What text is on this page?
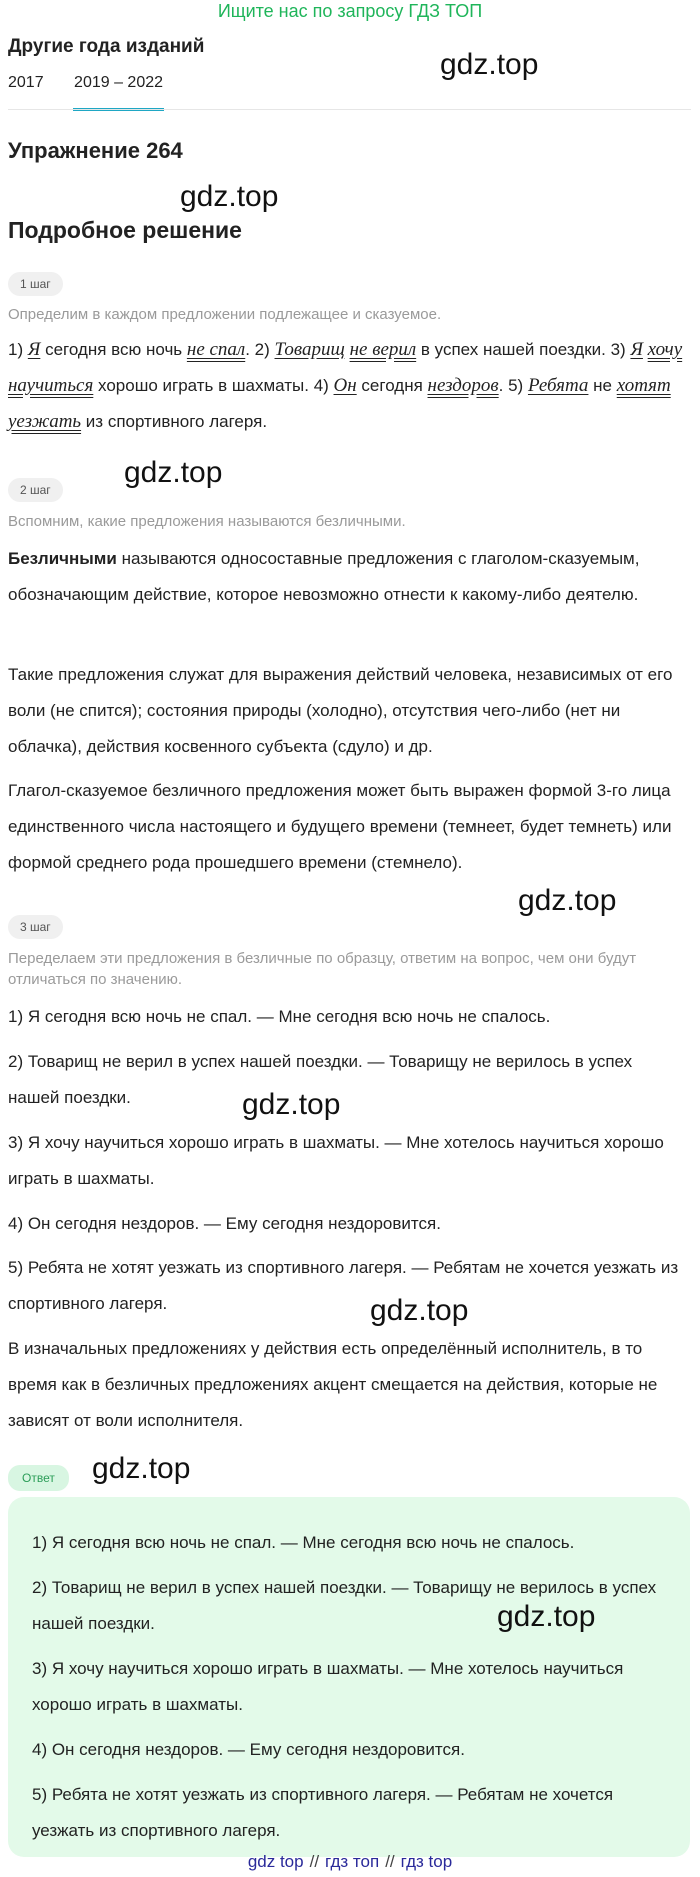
Ищите нас по запросу ГДЗ ТОП
Другие года изданий
2017 2019 – 2022
gdz.top
Упражнение 264
gdz.top
Подробное решение
1 шаг
Определим в каждом предложении подлежащее и сказуемое.
1) Я сегодня всю ночь не спал. 2) Товарищ не верил в успех нашей поездки. 3) Я хочу научиться хорошо играть в шахматы. 4) Он сегодня нездоров. 5) Ребята не хотят уезжать из спортивного лагеря.
gdz.top
2 шаг
Вспомним, какие предложения называются безличными.
Безличными называются односоставные предложения с глаголом-сказуемым, обозначающим действие, которое невозможно отнести к какому-либо деятелю.
Такие предложения служат для выражения действий человека, независимых от его воли (не спится); состояния природы (холодно), отсутствия чего-либо (нет ни облачка), действия косвенного субъекта (сдуло) и др.
Глагол-сказуемое безличного предложения может быть выражен формой 3-го лица единственного числа настоящего и будущего времени (темнеет, будет темнеть) или формой среднего рода прошедшего времени (стемнело).
gdz.top
3 шаг
Переделаем эти предложения в безличные по образцу, ответим на вопрос, чем они будут отличаться по значению.
1) Я сегодня всю ночь не спал. — Мне сегодня всю ночь не спалось.
2) Товарищ не верил в успех нашей поездки. — Товарищу не верилось в успех нашей поездки.	gdz.top
3) Я хочу научиться хорошо играть в шахматы. — Мне хотелось научиться хорошо играть в шахматы.
4) Он сегодня нездоров. — Ему сегодня нездоровится.
5) Ребята не хотят уезжать из спортивного лагеря. — Ребятам не хочется уезжать из спортивного лагеря.	gdz.top
В изначальных предложениях у действия есть определённый исполнитель, в то время как в безличных предложениях акцент смещается на действия, которые не зависят от воли исполнителя.
Ответ	gdz.top
1) Я сегодня всю ночь не спал. — Мне сегодня всю ночь не спалось.
2) Товарищ не верил в успех нашей поездки. — Товарищу не верилось в успех нашей поездки.
3) Я хочу научиться хорошо играть в шахматы. — Мне хотелось научиться хорошо играть в шахматы.
4) Он сегодня нездоров. — Ему сегодня нездоровится.
5) Ребята не хотят уезжать из спортивного лагеря. — Ребятам не хочется уезжать из спортивного лагеря.
gdz.top
gdz top // гдз топ // гдз top
